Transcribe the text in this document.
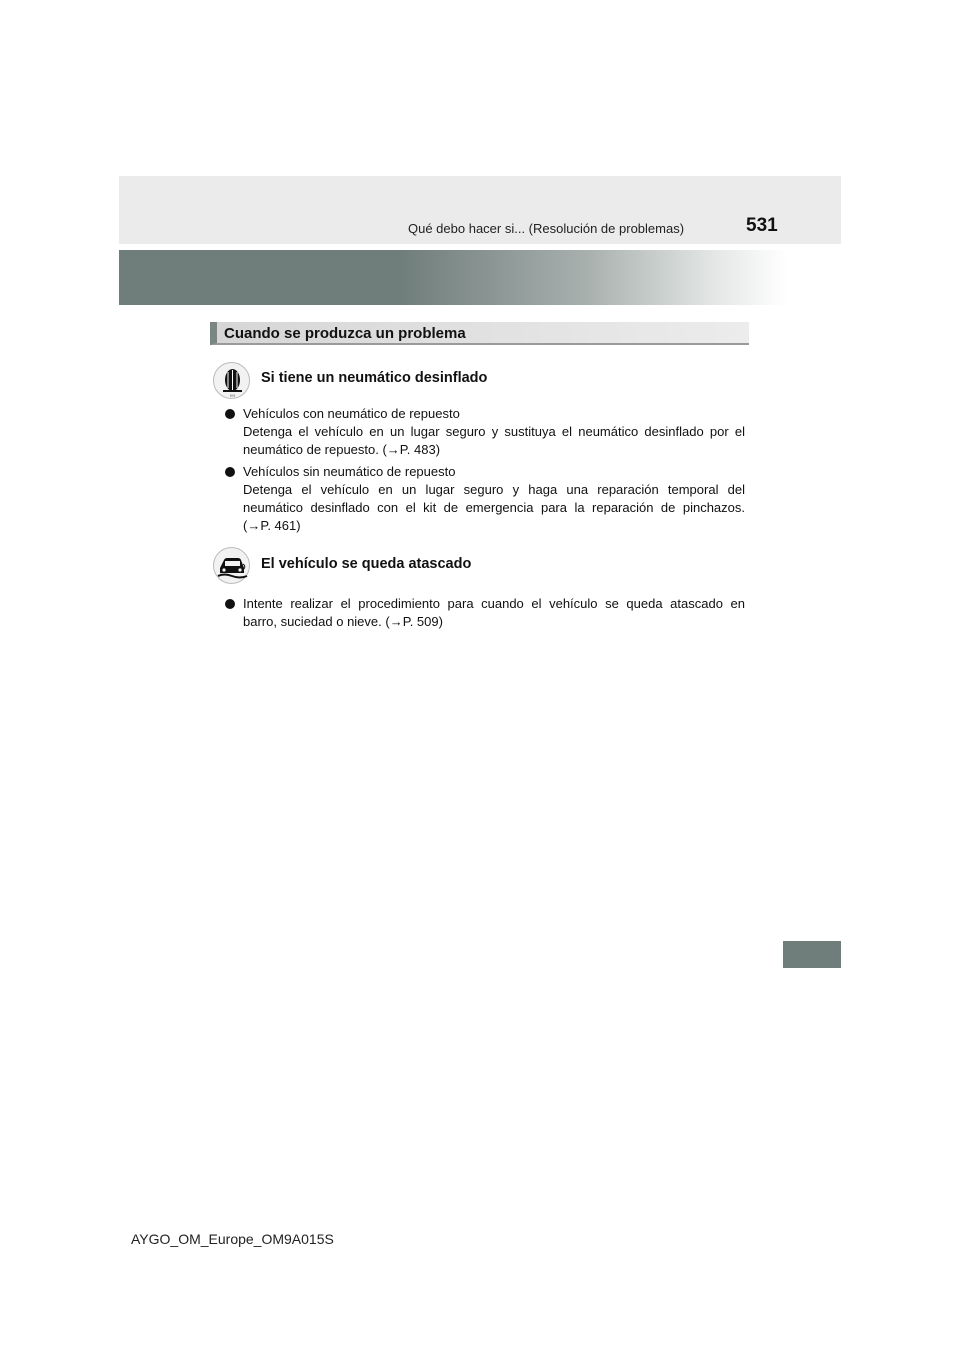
Qué debo hacer si... (Resolución de problemas)	531
Cuando se produzca un problema
!!!!
Si tiene un neumático desinflado
Vehículos con neumático de repuesto
Detenga el vehículo en un lugar seguro y sustituya el neumático desinflado por el
neumático de repuesto. (→P. 483)
Vehículos sin neumático de repuesto
Detenga el vehículo en un lugar seguro y haga una reparación temporal del
neumático desinflado con el kit de emergencia para la reparación de pinchazos.
(→P. 461)
El vehículo se queda atascado
Intente realizar el procedimiento para cuando el vehículo se queda atascado en
barro, suciedad o nieve. (→P. 509)
AYGO_OM_Europe_OM9A015S
